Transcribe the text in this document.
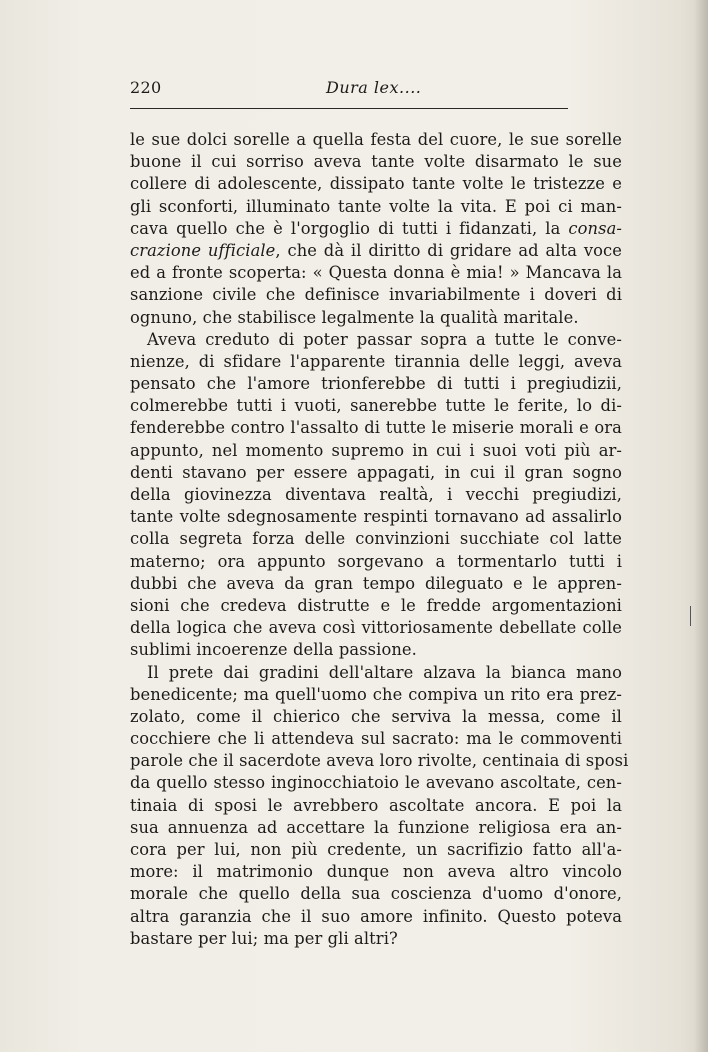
220	Dura lex....
le sue dolci sorelle a quella festa del cuore, le sue sorelle
buone il cui sorriso aveva tante volte disarmato le sue
collere di adolescente, dissipato tante volte le tristezze e
gli sconforti, illuminato tante volte la vita. E poi ci man-
cava quello che è l'orgoglio di tutti i fidanzati, la consa-
crazione ufficiale, che dà il diritto di gridare ad alta voce
ed a fronte scoperta: « Questa donna è mia! » Mancava la
sanzione civile che definisce invariabilmente i doveri di
ognuno, che stabilisce legalmente la qualità maritale.
Aveva creduto di poter passar sopra a tutte le conve-
nienze, di sfidare l'apparente tirannia delle leggi, aveva
pensato che l'amore trionferebbe di tutti i pregiudizii,
colmerebbe tutti i vuoti, sanerebbe tutte le ferite, lo di-
fenderebbe contro l'assalto di tutte le miserie morali e ora
appunto, nel momento supremo in cui i suoi voti più ar-
denti stavano per essere appagati, in cui il gran sogno
della giovinezza diventava realtà, i vecchi pregiudizi,
tante volte sdegnosamente respinti tornavano ad assalirlo
colla segreta forza delle convinzioni succhiate col latte
materno; ora appunto sorgevano a tormentarlo tutti i
dubbi che aveva da gran tempo dileguato e le appren-
sioni che credeva distrutte e le fredde argomentazioni
della logica che aveva così vittoriosamente debellate colle
sublimi incoerenze della passione.
Il prete dai gradini dell'altare alzava la bianca mano
benedicente; ma quell'uomo che compiva un rito era prez-
zolato, come il chierico che serviva la messa, come il
cocchiere che li attendeva sul sacrato: ma le commoventi
parole che il sacerdote aveva loro rivolte, centinaia di sposi
da quello stesso inginocchiatoio le avevano ascoltate, cen-
tinaia di sposi le avrebbero ascoltate ancora. E poi la
sua annuenza ad accettare la funzione religiosa era an-
cora per lui, non più credente, un sacrifizio fatto all'a-
more: il matrimonio dunque non aveva altro vincolo
morale che quello della sua coscienza d'uomo d'onore,
altra garanzia che il suo amore infinito. Questo poteva
bastare per lui; ma per gli altri?
